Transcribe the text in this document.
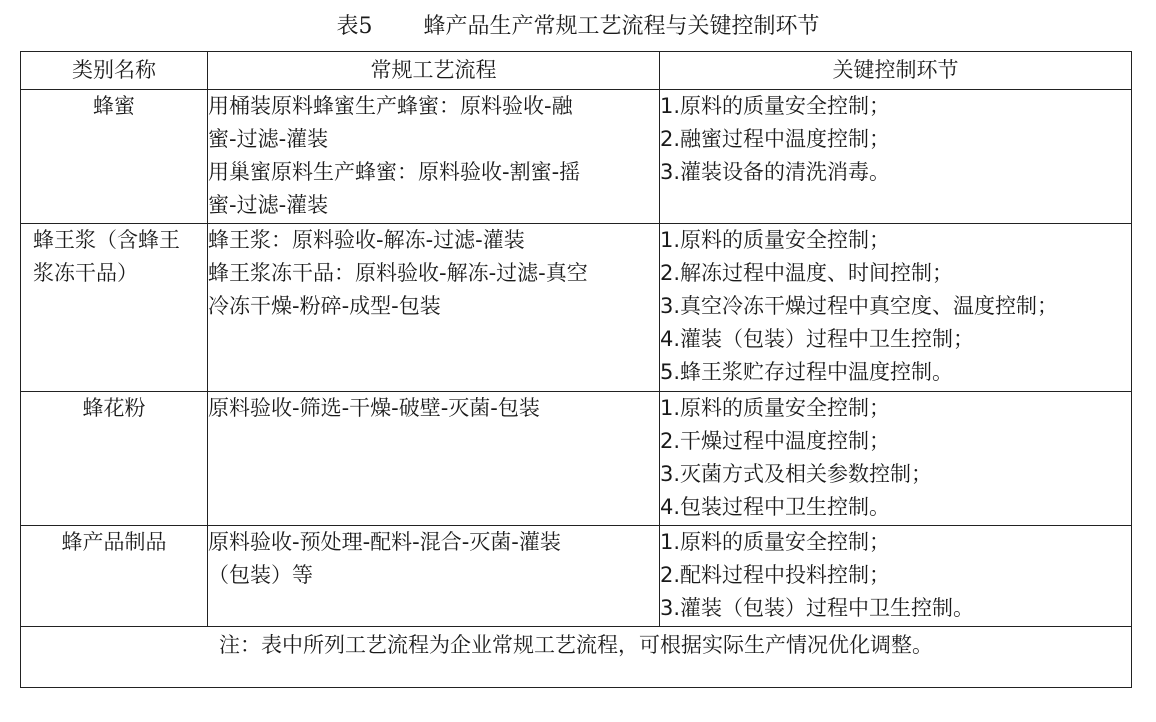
表5　　 蜂产品生产常规工艺流程与关键控制环节
类别名称	常规工艺流程	关键控制环节

蜂蜜	用桶装原料蜂蜜生产蜂蜜：原料验收-融
蜜-过滤-灌装
用巢蜜原料生产蜂蜜：原料验收-割蜜-摇
蜜-过滤-灌装	1.原料的质量安全控制；
2.融蜜过程中温度控制；
3.灌装设备的清洗消毒。

蜂王浆（含蜂王
浆冻干品）	蜂王浆：原料验收-解冻-过滤-灌装
蜂王浆冻干品：原料验收-解冻-过滤-真空
冷冻干燥-粉碎-成型-包装	1.原料的质量安全控制；
2.解冻过程中温度、时间控制；
3.真空冷冻干燥过程中真空度、温度控制；
4.灌装（包装）过程中卫生控制；
5.蜂王浆贮存过程中温度控制。

蜂花粉	原料验收-筛选-干燥-破壁-灭菌-包装	1.原料的质量安全控制；
2.干燥过程中温度控制；
3.灭菌方式及相关参数控制；
4.包装过程中卫生控制。

蜂产品制品	原料验收-预处理-配料-混合-灭菌-灌装
（包装）等	1.原料的质量安全控制；
2.配料过程中投料控制；
3.灌装（包装）过程中卫生控制。

注：表中所列工艺流程为企业常规工艺流程，可根据实际生产情况优化调整。		
